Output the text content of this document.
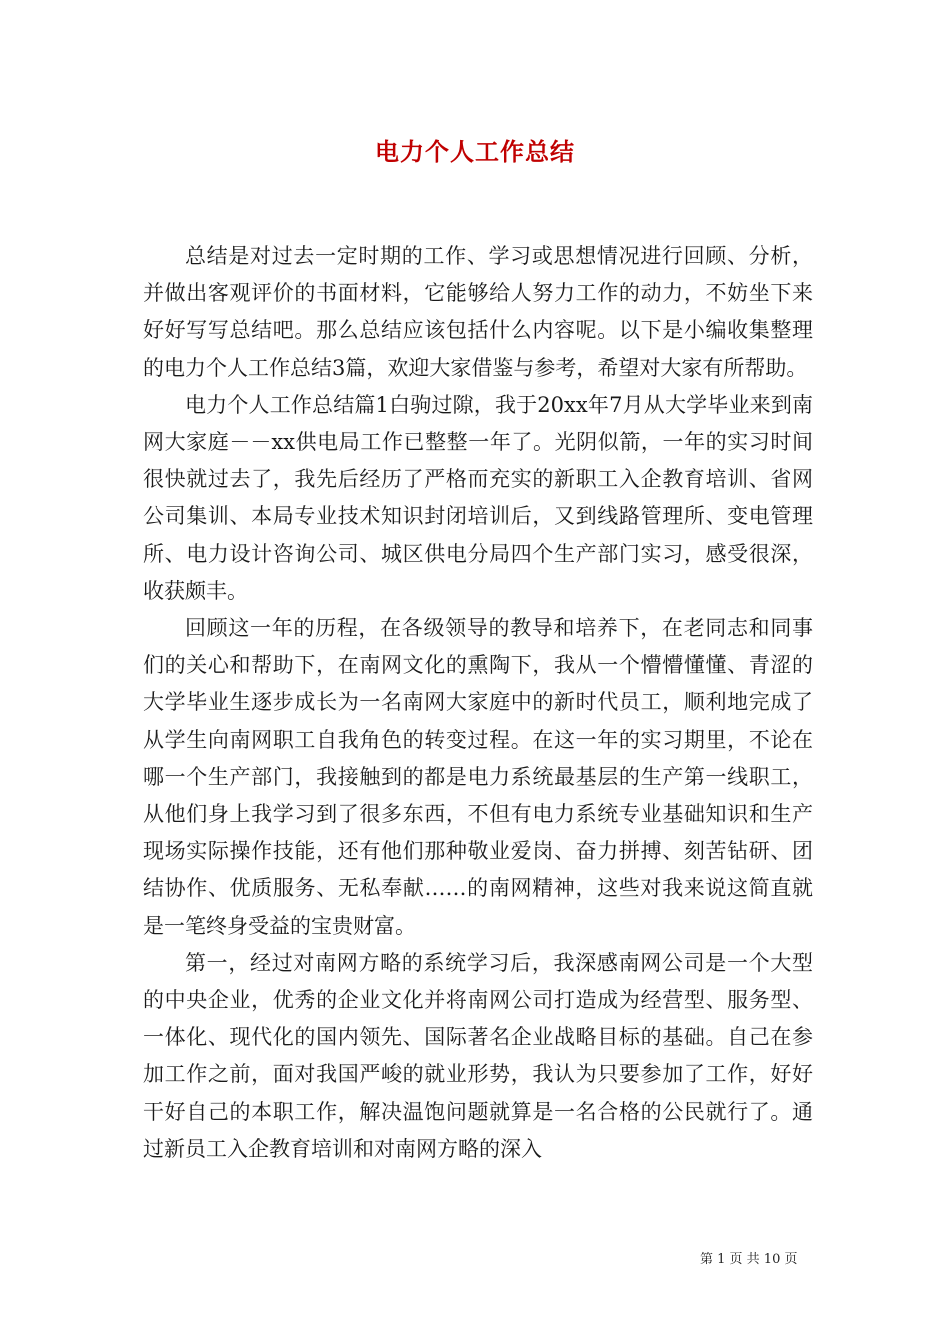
电力个人工作总结

总结是对过去一定时期的工作、学习或思想情况进行回顾、分析，并做出客观评价的书面材料，它能够给人努力工作的动力，不妨坐下来好好写写总结吧。那么总结应该包括什么内容呢。以下是小编收集整理的电力个人工作总结3篇，欢迎大家借鉴与参考，希望对大家有所帮助。

电力个人工作总结篇1白驹过隙，我于20xx年7月从大学毕业来到南网大家庭－－xx供电局工作已整整一年了。光阴似箭，一年的实习时间很快就过去了，我先后经历了严格而充实的新职工入企教育培训、省网公司集训、本局专业技术知识封闭培训后，又到线路管理所、变电管理所、电力设计咨询公司、城区供电分局四个生产部门实习，感受很深，收获颇丰。

回顾这一年的历程，在各级领导的教导和培养下，在老同志和同事们的关心和帮助下，在南网文化的熏陶下，我从一个懵懵懂懂、青涩的大学毕业生逐步成长为一名南网大家庭中的新时代员工，顺利地完成了从学生向南网职工自我角色的转变过程。在这一年的实习期里，不论在哪一个生产部门，我接触到的都是电力系统最基层的生产第一线职工，从他们身上我学习到了很多东西，不但有电力系统专业基础知识和生产现场实际操作技能，还有他们那种敬业爱岗、奋力拼搏、刻苦钻研、团结协作、优质服务、无私奉献……的南网精神，这些对我来说这简直就是一笔终身受益的宝贵财富。

第一，经过对南网方略的系统学习后，我深感南网公司是一个大型的中央企业，优秀的企业文化并将南网公司打造成为经营型、服务型、一体化、现代化的国内领先、国际著名企业战略目标的基础。自己在参加工作之前，面对我国严峻的就业形势，我认为只要参加了工作，好好干好自己的本职工作，解决温饱问题就算是一名合格的公民就行了。通过新员工入企教育培训和对南网方略的深入

第 1 页 共 10 页
